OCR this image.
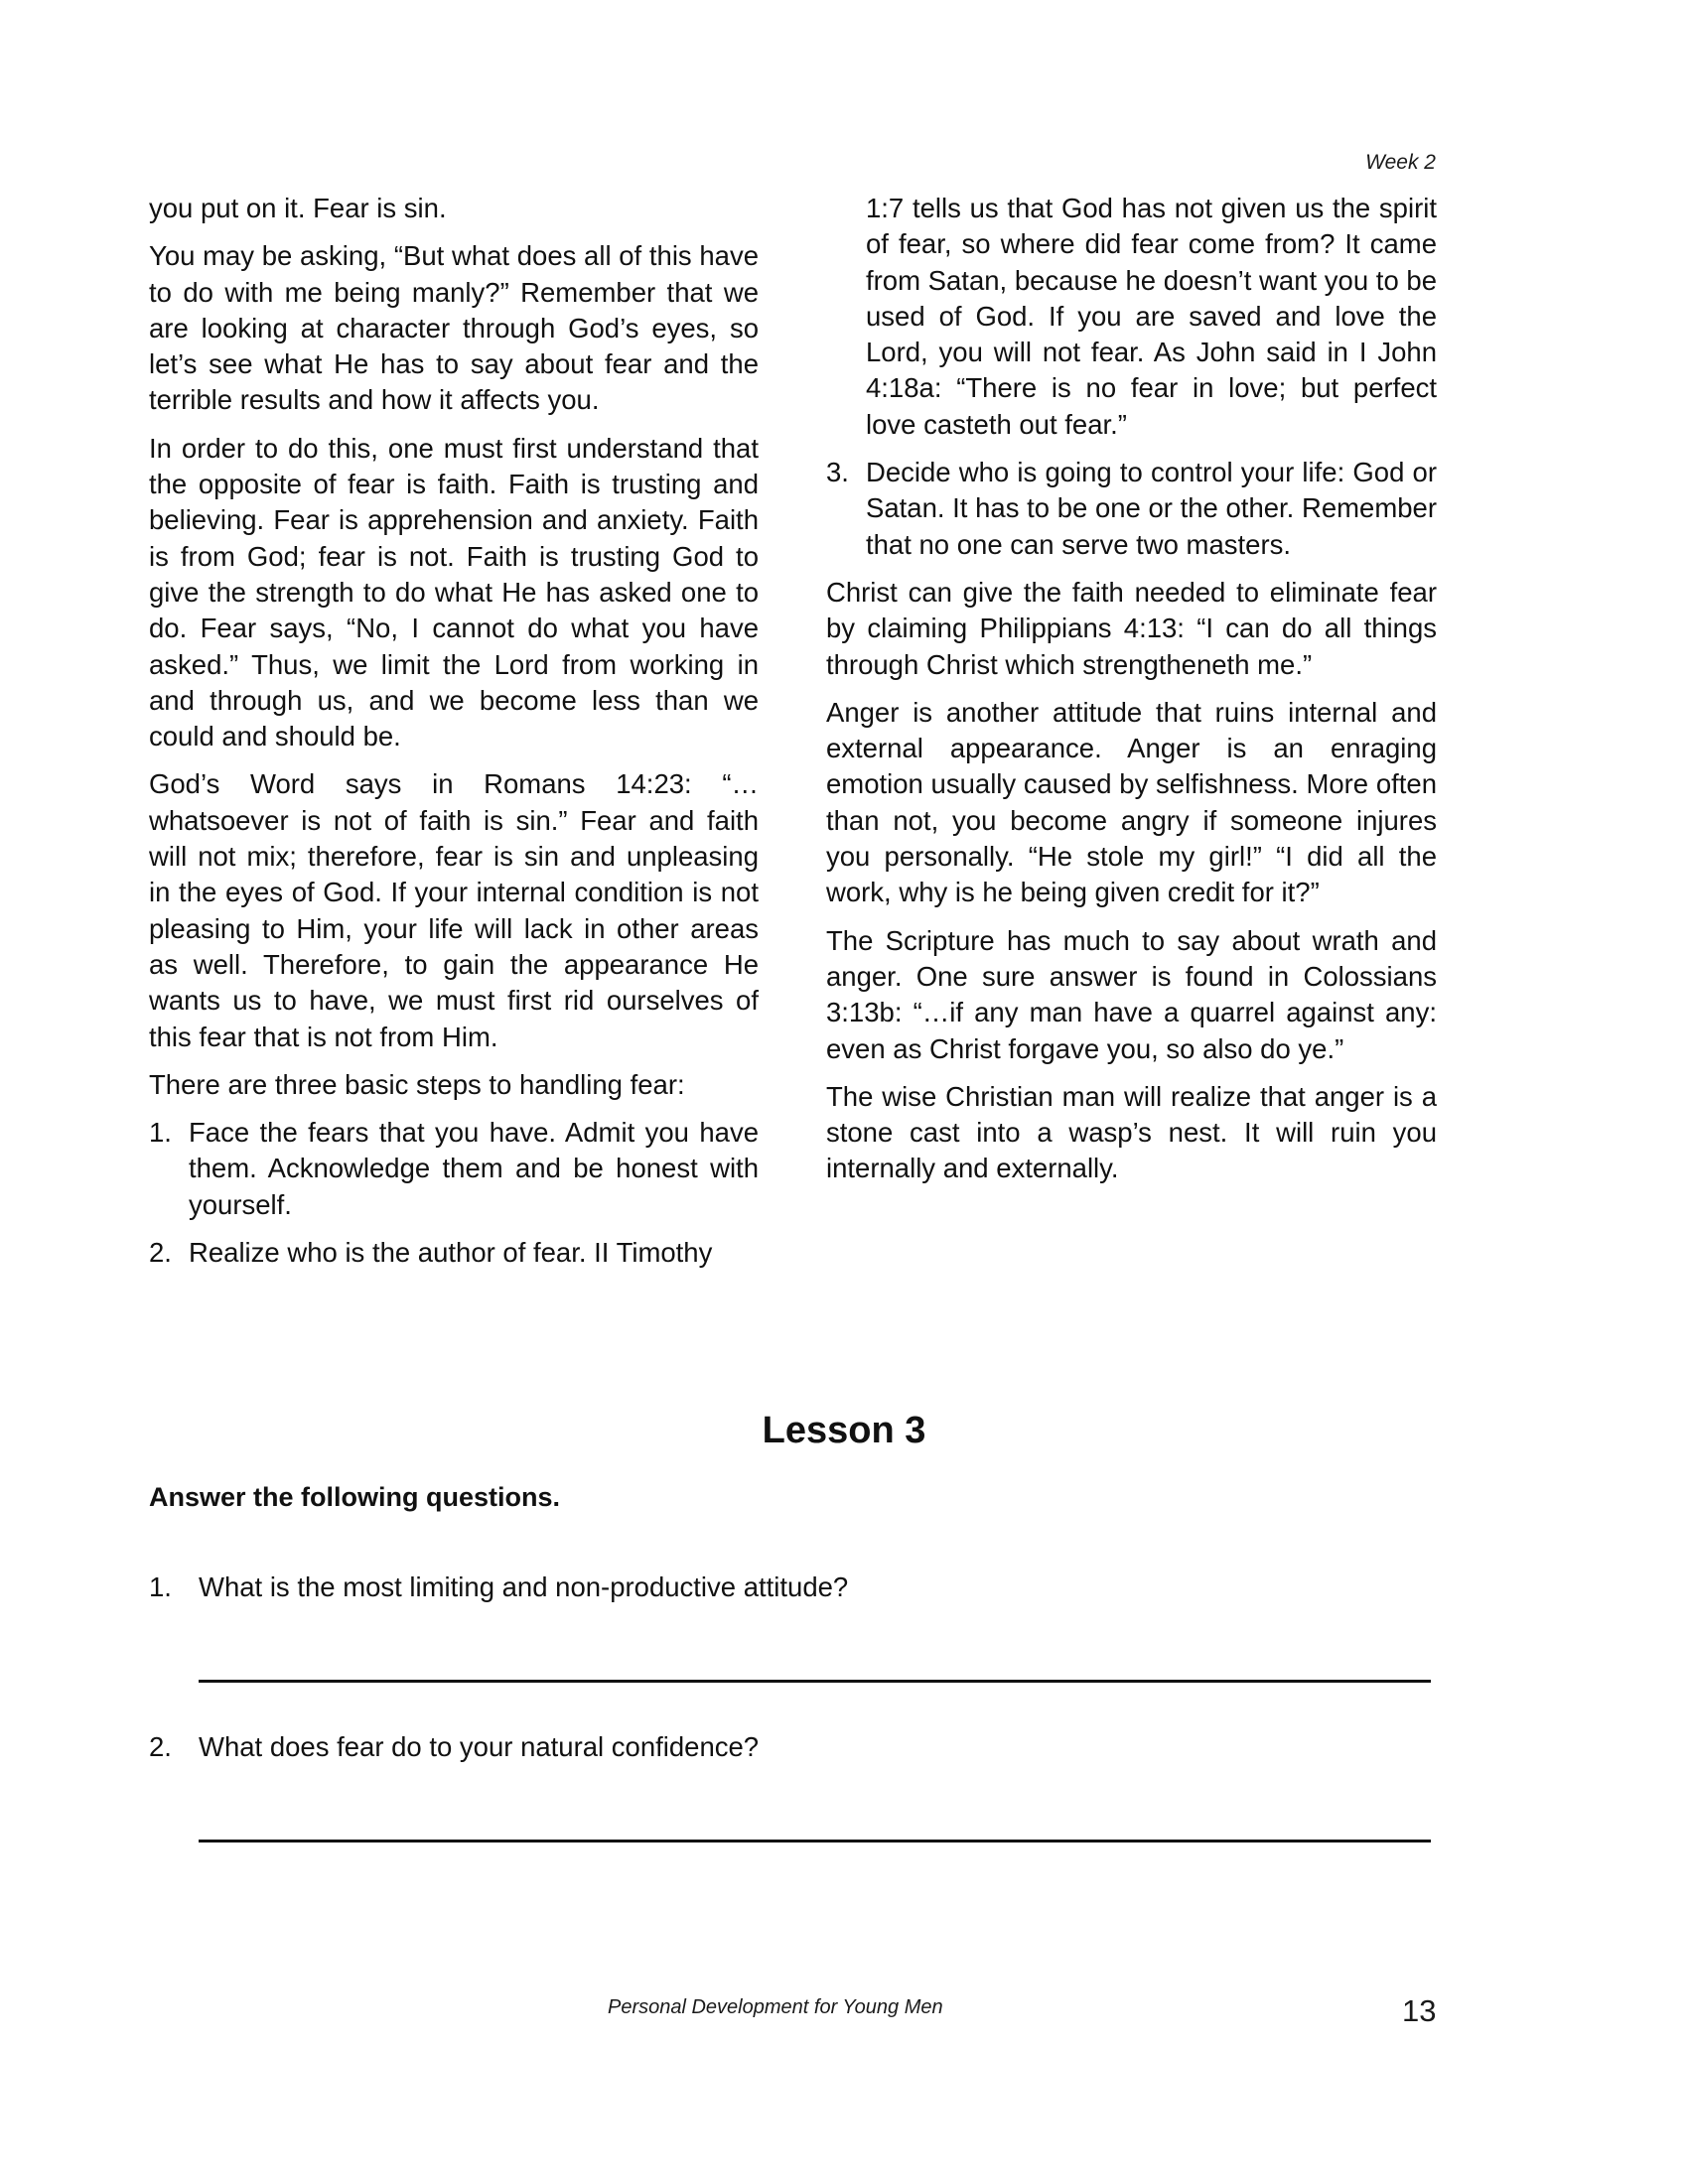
Week 2

you put on it. Fear is sin.

You may be asking, “But what does all of this have to do with me being manly?” Remember that we are looking at character through God’s eyes, so let’s see what He has to say about fear and the terrible results and how it affects you.

In order to do this, one must first understand that the opposite of fear is faith. Faith is trusting and believing. Fear is apprehension and anxiety. Faith is from God; fear is not. Faith is trusting God to give the strength to do what He has asked one to do. Fear says, “No, I cannot do what you have asked.” Thus, we limit the Lord from working in and through us, and we become less than we could and should be.

God’s Word says in Romans 14:23: “… whatsoever is not of faith is sin.” Fear and faith will not mix; therefore, fear is sin and unpleasing in the eyes of God. If your internal condition is not pleasing to Him, your life will lack in other areas as well. Therefore, to gain the appearance He wants us to have, we must first rid ourselves of this fear that is not from Him.

There are three basic steps to handling fear:

1. Face the fears that you have. Admit you have them. Acknowledge them and be honest with yourself.
2. Realize who is the author of fear. II Timothy
1:7 tells us that God has not given us the spirit of fear, so where did fear come from? It came from Satan, because he doesn’t want you to be used of God. If you are saved and love the Lord, you will not fear. As John said in I John 4:18a: “There is no fear in love; but perfect love casteth out fear.”
3. Decide who is going to control your life: God or Satan. It has to be one or the other. Remember that no one can serve two masters.

Christ can give the faith needed to eliminate fear by claiming Philippians 4:13: “I can do all things through Christ which strengtheneth me.”

Anger is another attitude that ruins internal and external appearance. Anger is an enraging emotion usually caused by selfishness. More often than not, you become angry if someone injures you personally. “He stole my girl!” “I did all the work, why is he being given credit for it?”

The Scripture has much to say about wrath and anger. One sure answer is found in Colossians 3:13b: “…if any man have a quarrel against any: even as Christ forgave you, so also do ye.”

The wise Christian man will realize that anger is a stone cast into a wasp’s nest. It will ruin you internally and externally.

Lesson 3
Answer the following questions.
1. What is the most limiting and non-productive attitude?
2. What does fear do to your natural confidence?
Personal Development for Young Men	13
